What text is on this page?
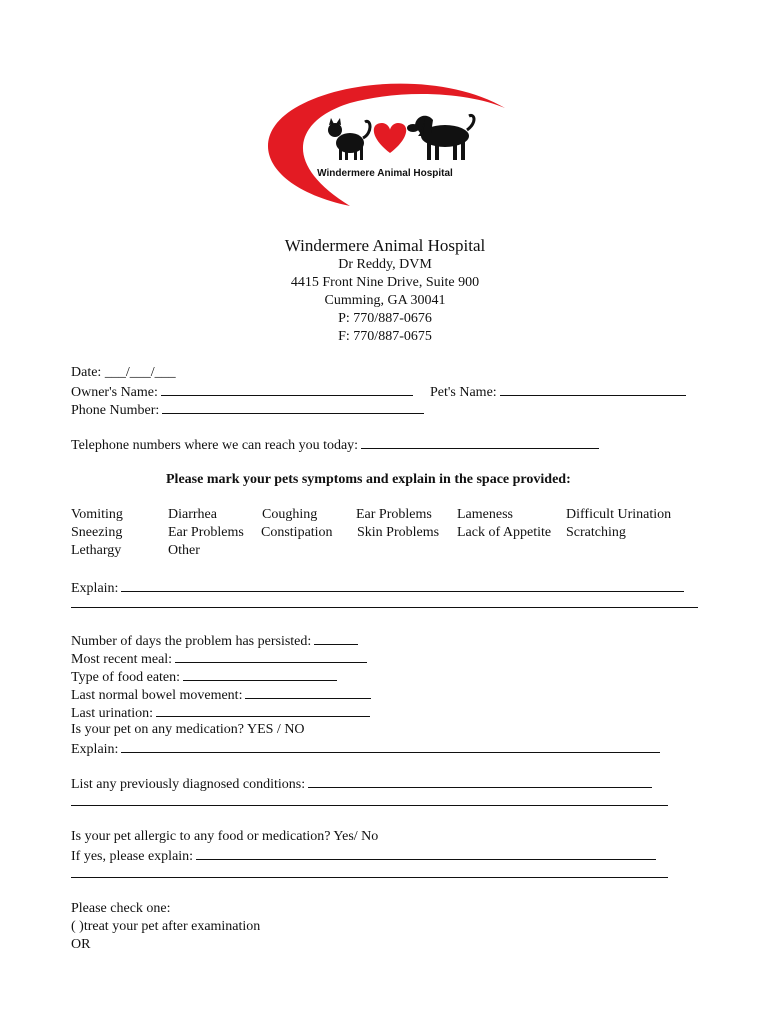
Windermere Animal Hospital
Windermere Animal Hospital
Dr Reddy, DVM
4415 Front Nine Drive, Suite 900
Cumming, GA 30041
P: 770/887-0676
F: 770/887-0675
Date: ___/___/___
Owner's Name:	Pet's Name:
Phone Number:
Telephone numbers where we can reach you today:
Please mark your pets symptoms and explain in the space provided:
Vomiting
Sneezing
Lethargy
Diarrhea
Ear Problems
Other
Coughing
Constipation
Ear Problems
Skin Problems
Lameness
Lack of Appetite
Difficult Urination
Scratching
Explain:
Number of days the problem has persisted:
Most recent meal:
Type of food eaten:
Last normal bowel movement:
Last urination:
Is your pet on any medication? YES / NO
Explain:
List any previously diagnosed conditions:
Is your pet allergic to any food or medication? Yes/ No
If yes, please explain:
Please check one:
( )treat your pet after examination
OR
